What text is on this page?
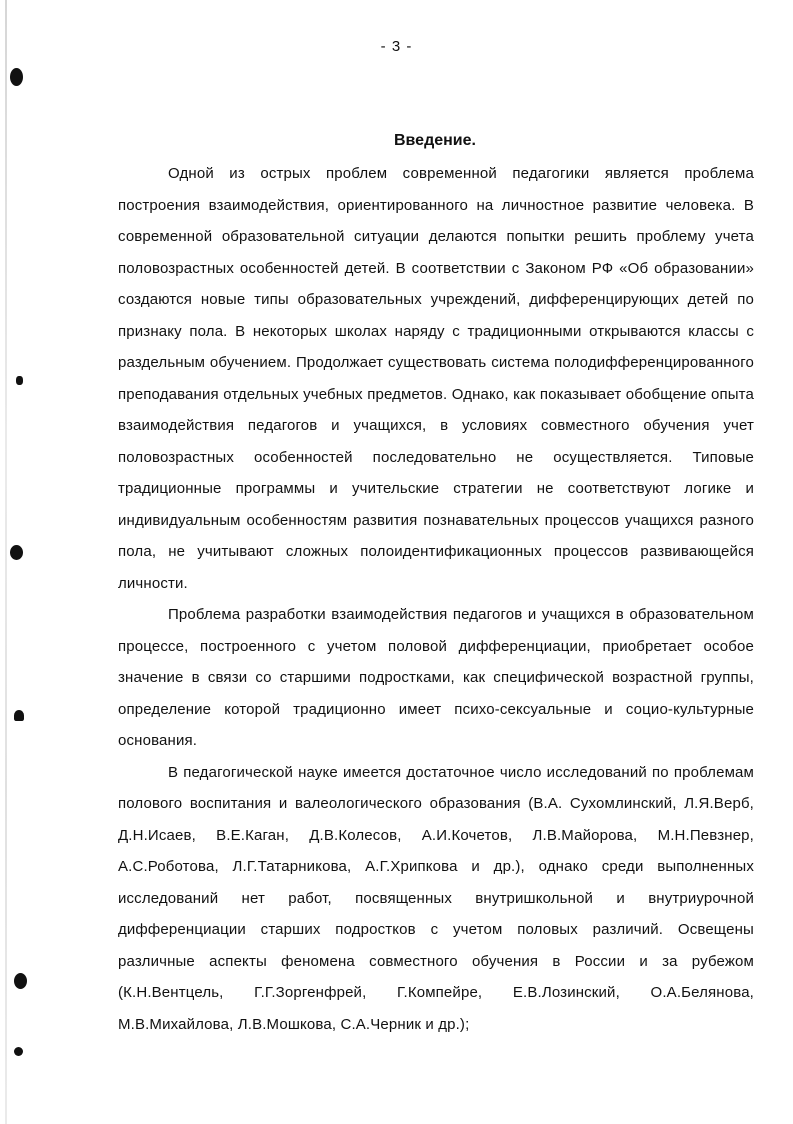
- 3 -
Введение.

Одной из острых проблем современной педагогики является проблема построения взаимодействия, ориентированного на личностное развитие человека. В современной образовательной ситуации делаются попытки решить проблему учета половозрастных особенностей детей. В соответствии с Законом РФ «Об образовании» создаются новые типы образовательных учреждений, дифференцирующих детей по признаку пола. В некоторых школах наряду с традиционными открываются классы с раздельным обучением. Продолжает существовать система полодифференцированного преподавания отдельных учебных предметов. Однако, как показывает обобщение опыта взаимодействия педагогов и учащихся, в условиях совместного обучения учет половозрастных особенностей последовательно не осуществляется. Типовые традиционные программы и учительские стратегии не соответствуют логике и индивидуальным особенностям развития познавательных процессов учащихся разного пола, не учитывают сложных полоидентификационных процессов развивающейся личности.

Проблема разработки взаимодействия педагогов и учащихся в образовательном процессе, построенного с учетом половой дифференциации, приобретает особое значение в связи со старшими подростками, как специфической возрастной группы, определение которой традиционно имеет психо-сексуальные и социо-культурные основания.

В педагогической науке имеется достаточное число исследований по проблемам полового воспитания и валеологического образования (В.А. Сухомлинский, Л.Я.Верб, Д.Н.Исаев, В.Е.Каган, Д.В.Колесов, А.И.Кочетов, Л.В.Майорова, М.Н.Певзнер, А.С.Роботова, Л.Г.Татарникова, А.Г.Хрипкова и др.), однако среди выполненных исследований нет работ, посвященных внутришкольной и внутриурочной дифференциации старших подростков с учетом половых различий. Освещены различные аспекты феномена совместного обучения в России и за рубежом (К.Н.Вентцель, Г.Г.Зоргенфрей, Г.Компейре, Е.В.Лозинский, О.А.Белянова, М.В.Михайлова, Л.В.Мошкова, С.А.Черник и др.);
